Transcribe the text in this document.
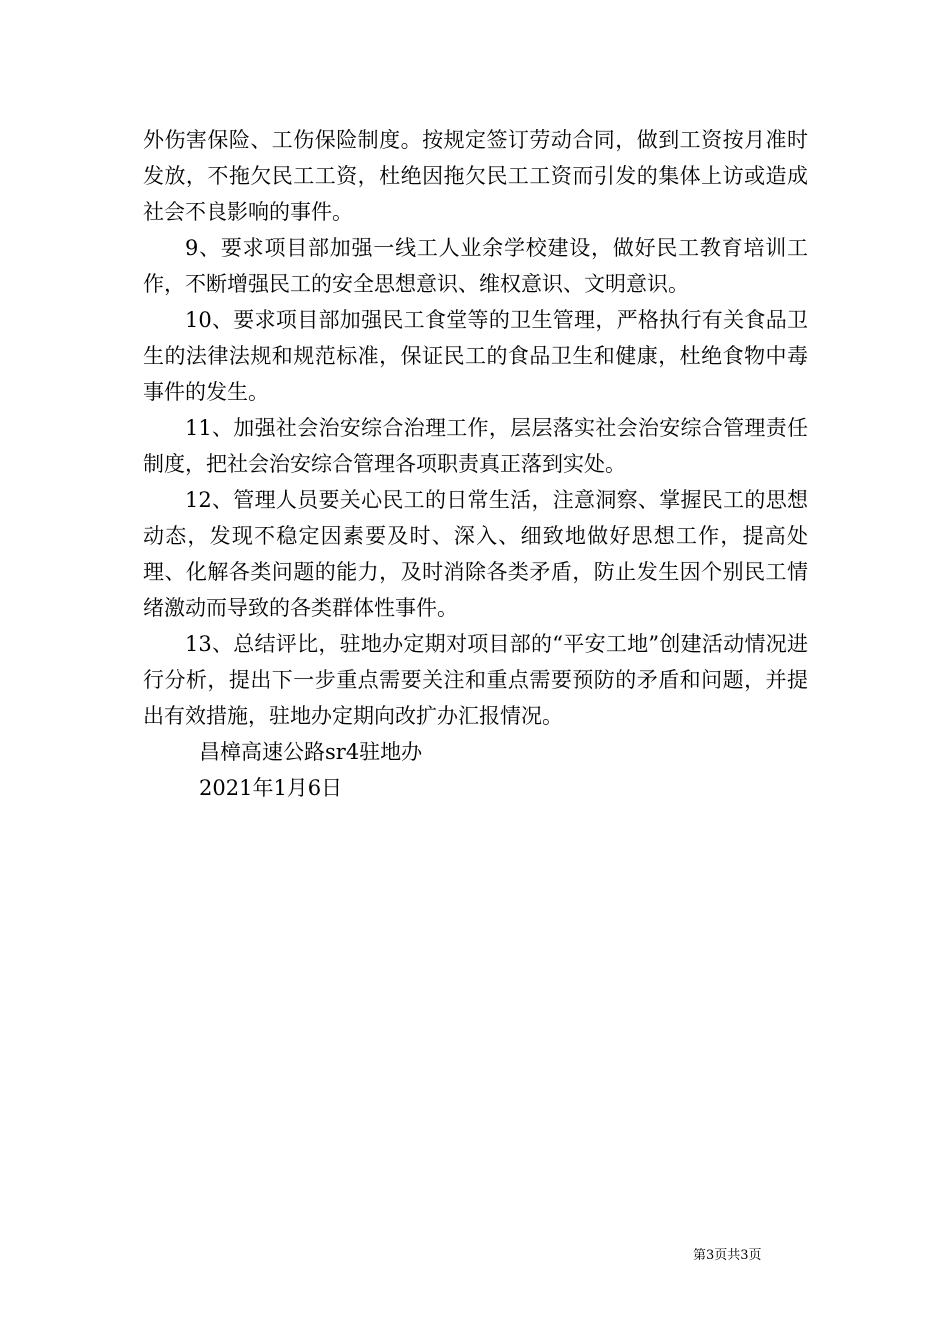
外伤害保险、工伤保险制度。按规定签订劳动合同，做到工资按月准时发放，不拖欠民工工资，杜绝因拖欠民工工资而引发的集体上访或造成社会不良影响的事件。

9、要求项目部加强一线工人业余学校建设，做好民工教育培训工作，不断增强民工的安全思想意识、维权意识、文明意识。

10、要求项目部加强民工食堂等的卫生管理，严格执行有关食品卫生的法律法规和规范标准，保证民工的食品卫生和健康，杜绝食物中毒事件的发生。

11、加强社会治安综合治理工作，层层落实社会治安综合管理责任制度，把社会治安综合管理各项职责真正落到实处。

12、管理人员要关心民工的日常生活，注意洞察、掌握民工的思想动态，发现不稳定因素要及时、深入、细致地做好思想工作，提高处理、化解各类问题的能力，及时消除各类矛盾，防止发生因个别民工情绪激动而导致的各类群体性事件。

13、总结评比，驻地办定期对项目部的“平安工地”创建活动情况进行分析，提出下一步重点需要关注和重点需要预防的矛盾和问题，并提出有效措施，驻地办定期向改扩办汇报情况。

昌樟高速公路sr4驻地办

2021年1月6日

第3页共3页
